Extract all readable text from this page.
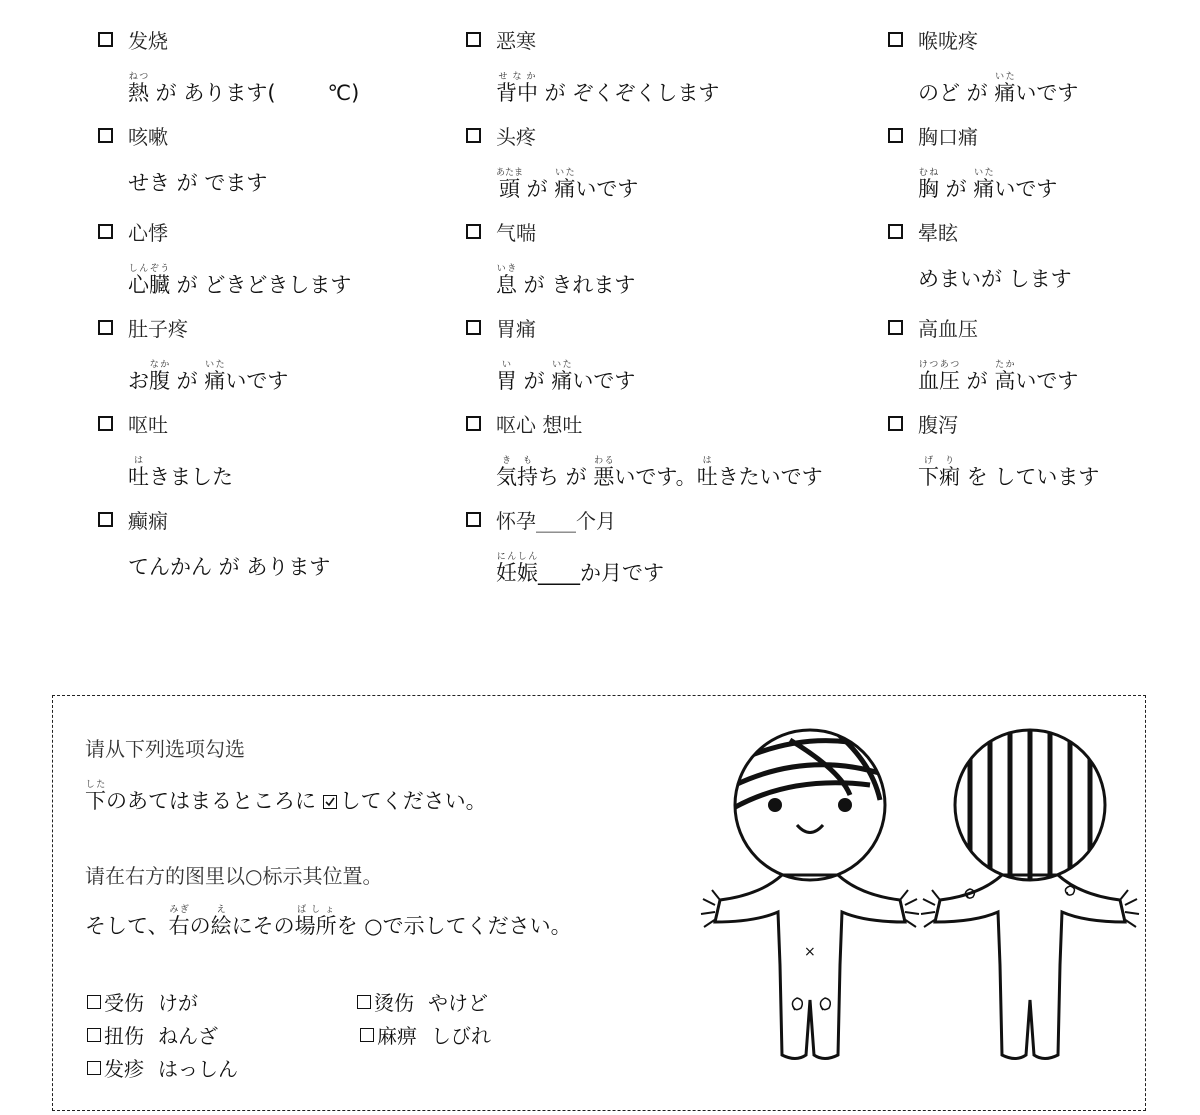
发烧
熱ねつ が あります( ℃)
恶寒
背中せなか が ぞくぞくします
喉咙疼
のど が 痛いたいです
咳嗽
せき が でます
头疼
頭あたま が 痛いたいです
胸口痛
胸むね が 痛いたいです
心悸
心臓しんぞう が どきどきします
气喘
息いき が きれます
晕眩
めまいが します
肚子疼
お腹なか が 痛いたいです
胃痛
胃い が 痛いたいです
高血压
血圧けつあつ が 高たかいです
呕吐
吐はきました
呕心 想吐
気持きもち が 悪わるいです。吐はきたいです
腹泻
下痢げり を しています
癫痫
てんかん が あります
怀孕____个月
妊娠にんしん____か月です
请从下列选项勾选
下したのあてはまるところに
してください。
请在右方的图里以○标示其位置。
そして、右みぎの絵えにその場所ばしょを ○で示してください。
受伤 けが	烫伤 やけど
扭伤 ねんざ	麻痹 しびれ
发疹 はっしん
×
